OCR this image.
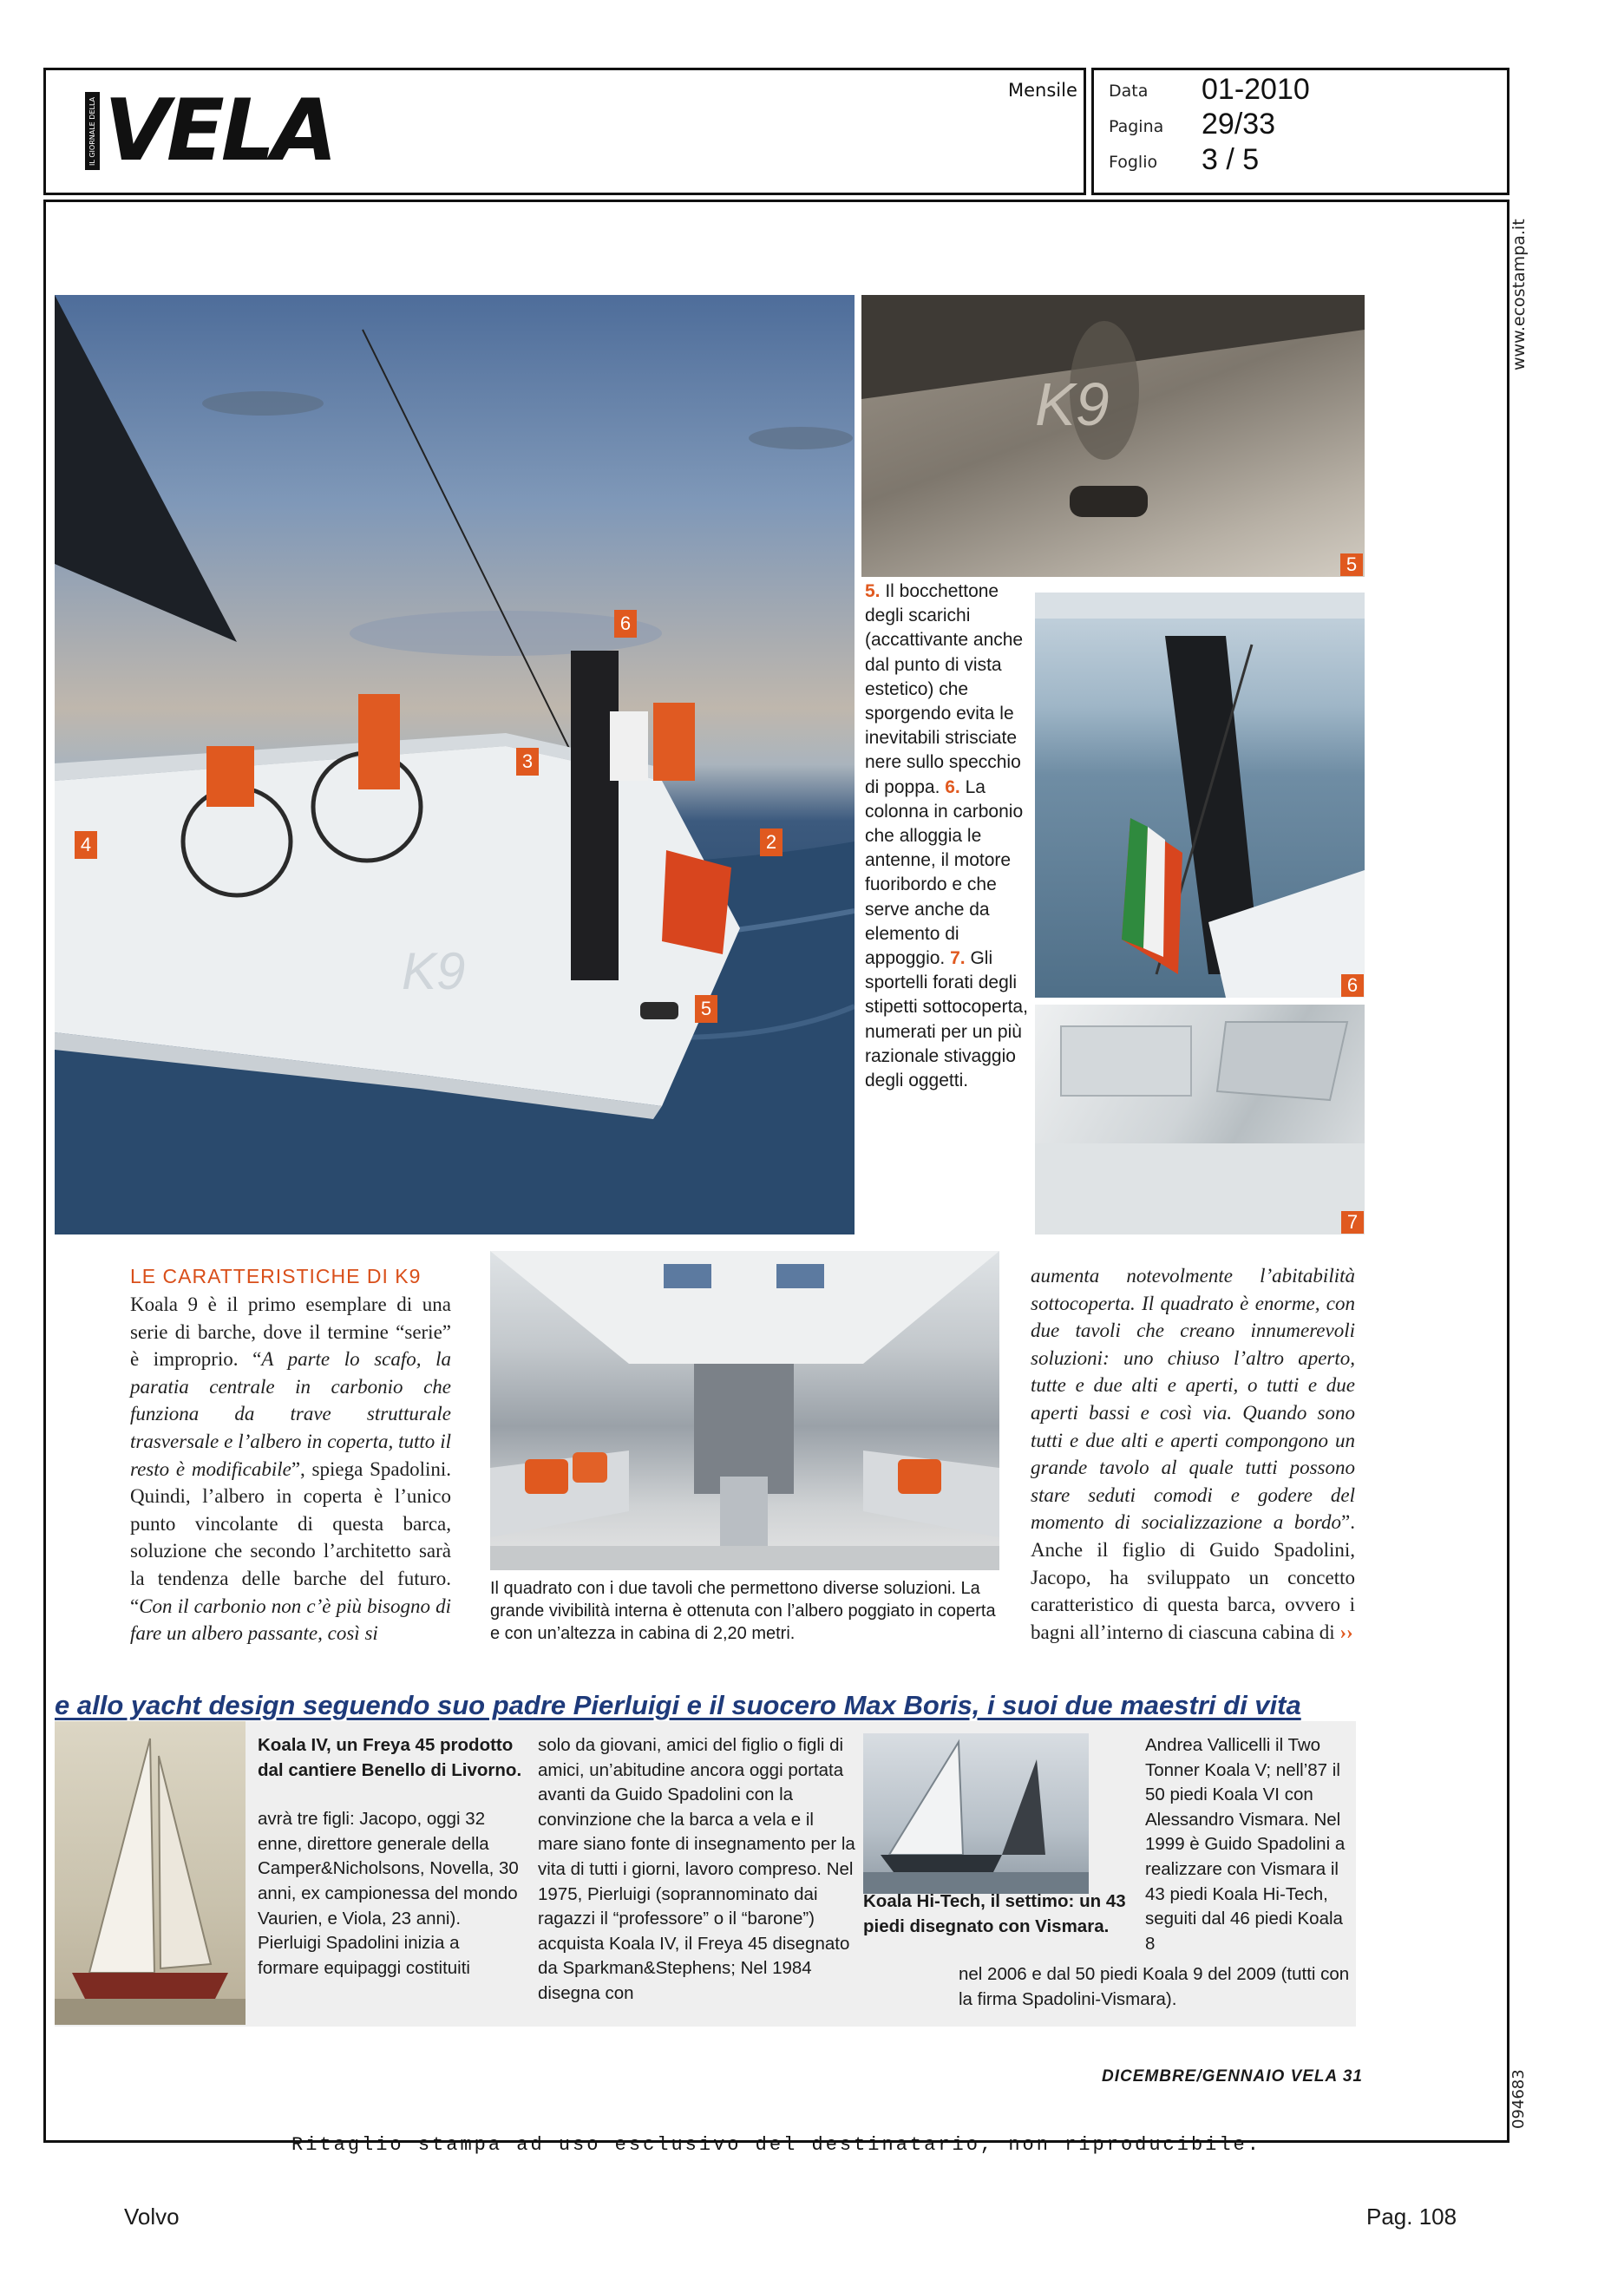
IL GIORNALE DELLA VELA	Mensile Data 01-2010
Pagina 29/33
Foglio 3 / 5
www.ecostampa.it
094683
K9
6
3
4	2
5
K9
5
5. Il bocchettone degli scarichi (accattivante anche dal punto di vista estetico) che sporgendo evita le inevitabili strisciate nere sullo specchio di poppa. 6. La colonna in carbonio che alloggia le antenne, il motore fuoribordo e che serve anche da elemento di appoggio. 7. Gli sportelli forati degli stipetti sottocoperta, numerati per un più razionale stivaggio degli oggetti.
6
7
LE CARATTERISTICHE DI K9
Koala 9 è il primo esemplare di una serie di barche, dove il termine “serie” è improprio. “A parte lo scafo, la paratia centrale in carbonio che funziona da trave strutturale trasversale e l’albero in coperta, tutto il resto è modificabile”, spiega Spadolini. Quindi, l’albero in coperta è l’unico punto vincolante di questa barca, soluzione che secondo l’architetto sarà la tendenza delle barche del futuro. “Con il carbonio non c’è più bisogno di fare un albero passante, così si
Il quadrato con i due tavoli che permettono diverse soluzioni. La grande vivibilità interna è ottenuta con l’albero poggiato in coperta e con un’altezza in cabina di 2,20 metri.
aumenta notevolmente l’abitabilità sottocoperta. Il quadrato è enorme, con due tavoli che creano innumerevoli soluzioni: uno chiuso l’altro aperto, tutte e due alti e aperti, o tutti e due aperti bassi e così via. Quando sono tutti e due alti e aperti compongono un grande tavolo al quale tutti possono stare seduti comodi e godere del momento di socializzazione a bordo”. Anche il figlio di Guido Spadolini, Jacopo, ha sviluppato un concetto caratteristico di questa barca, ovvero i bagni all’interno di ciascuna cabina di ››
e allo yacht design seguendo suo padre Pierluigi e il suocero Max Boris, i suoi due maestri di vita
Koala IV, un Freya 45 prodotto dal cantiere Benello di Livorno.
avrà tre figli: Jacopo, oggi 32 enne, direttore generale della Camper&Nicholsons, Novella, 30 anni, ex campionessa del mondo Vaurien, e Viola, 23 anni). Pierluigi Spadolini inizia a formare equipaggi costituiti
solo da giovani, amici del figlio o figli di amici, un’abitudine ancora oggi portata avanti da Guido Spadolini con la convinzione che la barca a vela e il mare siano fonte di insegnamento per la vita di tutti i giorni, lavoro compreso. Nel 1975, Pierluigi (soprannominato dai ragazzi il “professore” o il “barone”) acquista Koala IV, il Freya 45 disegnato da Sparkman&Stephens; Nel 1984 disegna con
Koala Hi-Tech, il settimo: un 43 piedi disegnato con Vismara.
Andrea Vallicelli il Two Tonner Koala V; nell’87 il 50 piedi Koala VI con Alessandro Vismara. Nel 1999 è Guido Spadolini a realizzare con Vismara il 43 piedi Koala Hi-Tech, seguiti dal 46 piedi Koala 8
nel 2006 e dal 50 piedi Koala 9 del 2009 (tutti con la firma Spadolini-Vismara).
DICEMBRE/GENNAIO VELA 31
Ritaglio stampa ad uso esclusivo del destinatario, non riproducibile.
Volvo	Pag. 108
